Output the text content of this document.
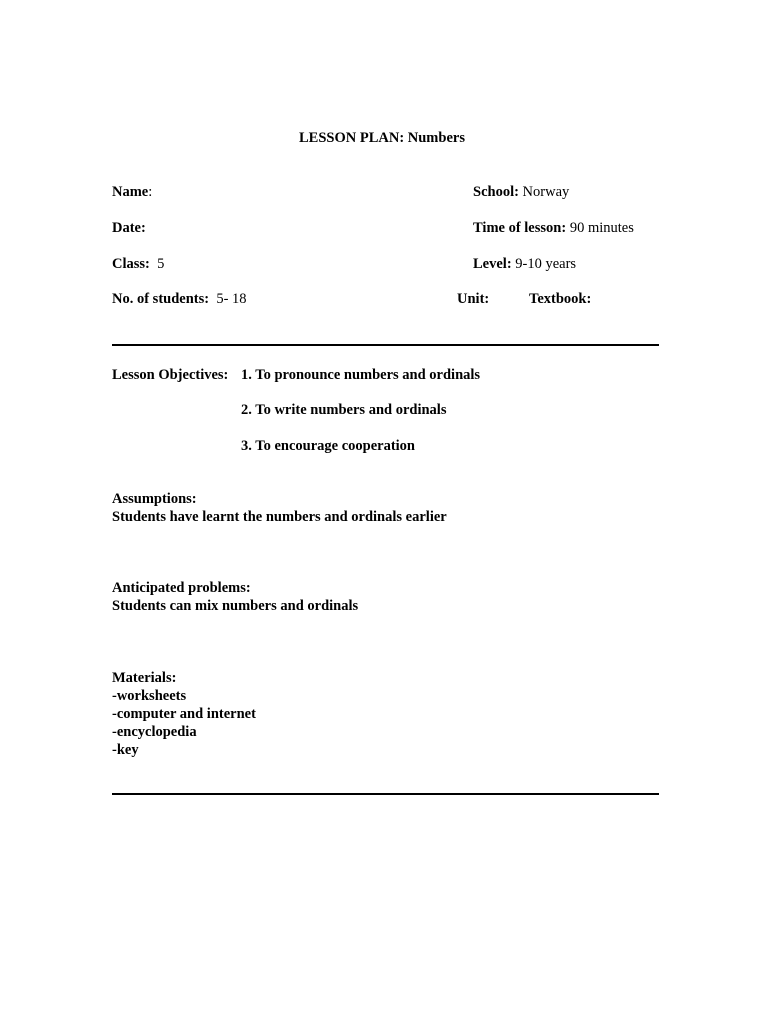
LESSON PLAN: Numbers
Name:	School: Norway
Date:	Time of lesson: 90 minutes
Class: 5	Level: 9-10 years
No. of students: 5- 18	Unit:	Textbook:
Lesson Objectives: 1. To pronounce numbers and ordinals
2. To write numbers and ordinals
3. To encourage cooperation
Assumptions:
Students have learnt the numbers and ordinals earlier
Anticipated problems:
Students can mix numbers and ordinals
Materials:
-worksheets
-computer and internet
-encyclopedia
-key
